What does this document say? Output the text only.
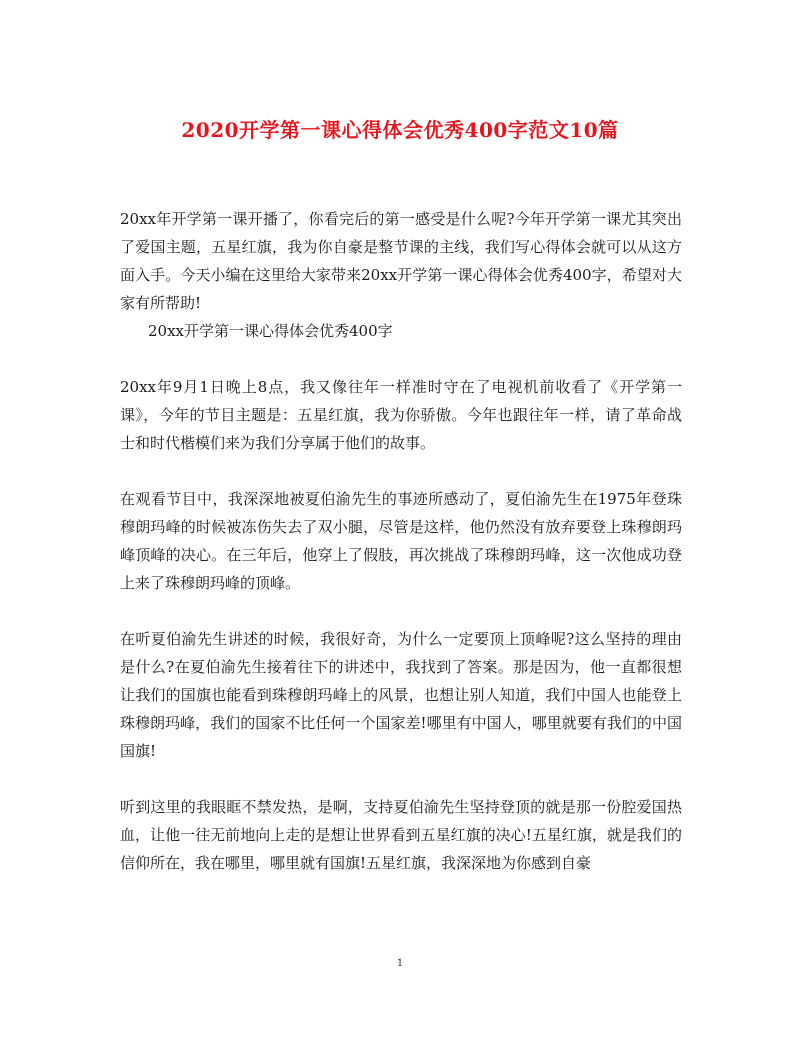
2020开学第一课心得体会优秀400字范文10篇

20xx年开学第一课开播了，你看完后的第一感受是什么呢?今年开学第一课尤其突出了爱国主题，五星红旗，我为你自豪是整节课的主线，我们写心得体会就可以从这方面入手。今天小编在这里给大家带来20xx开学第一课心得体会优秀400字，希望对大家有所帮助!

20xx开学第一课心得体会优秀400字

20xx年9月1日晚上8点，我又像往年一样准时守在了电视机前收看了《开学第一课》，今年的节目主题是：五星红旗，我为你骄傲。今年也跟往年一样，请了革命战士和时代楷模们来为我们分享属于他们的故事。

在观看节目中，我深深地被夏伯渝先生的事迹所感动了，夏伯渝先生在1975年登珠穆朗玛峰的时候被冻伤失去了双小腿，尽管是这样，他仍然没有放弃要登上珠穆朗玛峰顶峰的决心。在三年后，他穿上了假肢，再次挑战了珠穆朗玛峰，这一次他成功登上来了珠穆朗玛峰的顶峰。

在听夏伯渝先生讲述的时候，我很好奇，为什么一定要顶上顶峰呢?这么坚持的理由是什么?在夏伯渝先生接着往下的讲述中，我找到了答案。那是因为，他一直都很想让我们的国旗也能看到珠穆朗玛峰上的风景，也想让别人知道，我们中国人也能登上珠穆朗玛峰，我们的国家不比任何一个国家差!哪里有中国人，哪里就要有我们的中国国旗!

听到这里的我眼眶不禁发热，是啊，支持夏伯渝先生坚持登顶的就是那一份腔爱国热血，让他一往无前地向上走的是想让世界看到五星红旗的决心!五星红旗，就是我们的信仰所在，我在哪里，哪里就有国旗!五星红旗，我深深地为你感到自豪

1
